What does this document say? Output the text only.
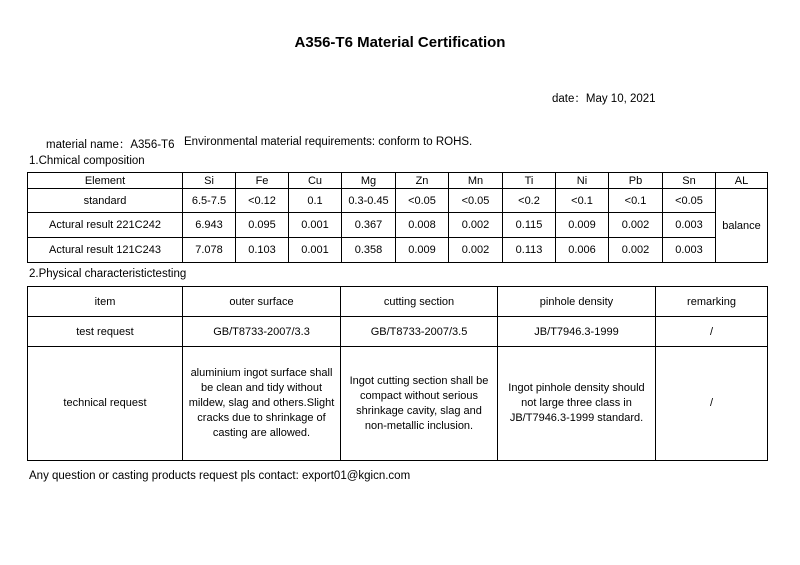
A356-T6 Material Certification
date：May 10, 2021
material name：A356-T6 Environmental material requirements: conform to ROHS.
1.Chmical composition
Element	Si	Fe	Cu	Mg	Zn	Mn	Ti	Ni	Pb	Sn	AL
standard	6.5-7.5	<0.12	0.1	0.3-0.45	<0.05	<0.05	<0.2	<0.1	<0.1	<0.05	balance
Actural result 221C242	6.943	0.095	0.001	0.367	0.008	0.002	0.115	0.009	0.002	0.003	
Actural result 121C243	7.078	0.103	0.001	0.358	0.009	0.002	0.113	0.006	0.002	0.003	
2.Physical characteristictesting
item	outer surface	cutting section	pinhole density	remarking
test request	GB/T8733-2007/3.3	GB/T8733-2007/3.5	JB/T7946.3-1999	/
technical request	aluminium ingot surface shall be clean and tidy without mildew, slag and others.Slight cracks due to shrinkage of casting are allowed.	Ingot cutting section shall be compact without serious shrinkage cavity, slag and non-metallic inclusion.	Ingot pinhole density should not large three class in JB/T7946.3-1999 standard.	/
Any question or casting products request pls contact: export01@kgicn.com
